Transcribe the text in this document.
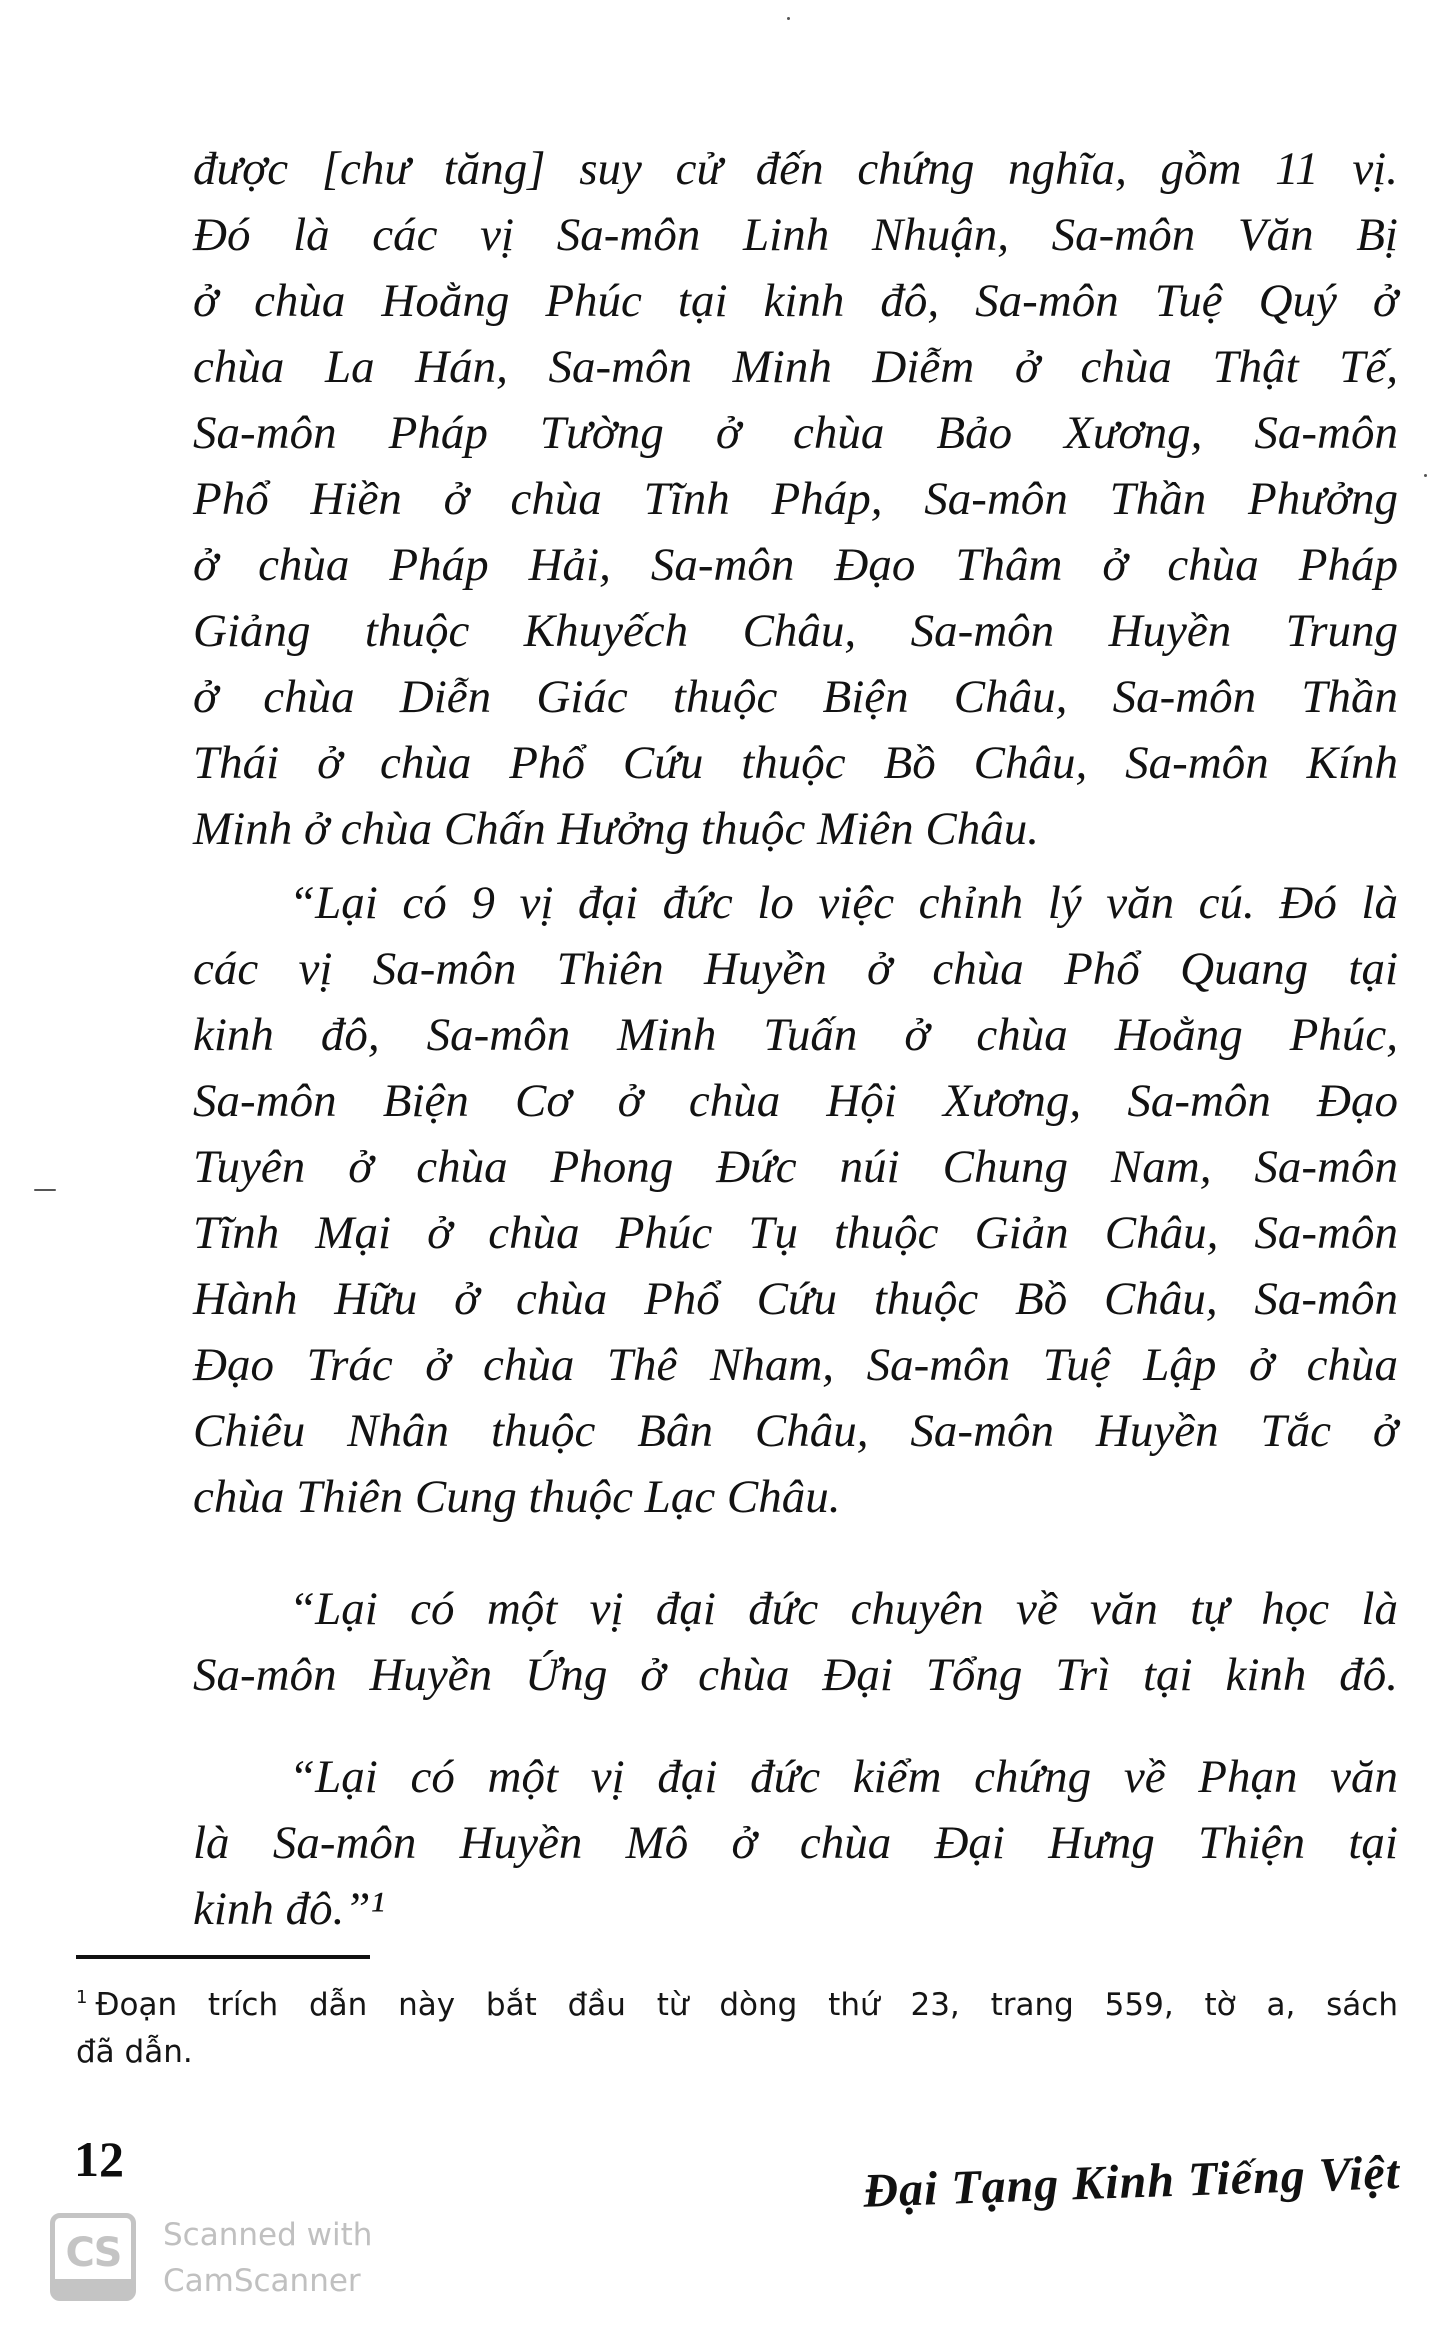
được [chư tăng] suy cử đến chứng nghĩa, gồm 11 vị.
Đó là các vị Sa-môn Linh Nhuận, Sa-môn Văn Bị
ở chùa Hoằng Phúc tại kinh đô, Sa-môn Tuệ Quý ở
chùa La Hán, Sa-môn Minh Diễm ở chùa Thật Tế,
Sa-môn Pháp Tường ở chùa Bảo Xương, Sa-môn
Phổ Hiền ở chùa Tĩnh Pháp, Sa-môn Thần Phưởng
ở chùa Pháp Hải, Sa-môn Đạo Thâm ở chùa Pháp
Giảng thuộc Khuyếch Châu, Sa-môn Huyền Trung
ở chùa Diễn Giác thuộc Biện Châu, Sa-môn Thần
Thái ở chùa Phổ Cứu thuộc Bồ Châu, Sa-môn Kính
Minh ở chùa Chấn Hưởng thuộc Miên Châu.
“Lại có 9 vị đại đức lo việc chỉnh lý văn cú. Đó là
các vị Sa-môn Thiên Huyền ở chùa Phổ Quang tại
kinh đô, Sa-môn Minh Tuấn ở chùa Hoằng Phúc,
Sa-môn Biện Cơ ở chùa Hội Xương, Sa-môn Đạo
Tuyên ở chùa Phong Đức núi Chung Nam, Sa-môn
Tĩnh Mại ở chùa Phúc Tụ thuộc Giản Châu, Sa-môn
Hành Hữu ở chùa Phổ Cứu thuộc Bồ Châu, Sa-môn
Đạo Trác ở chùa Thê Nham, Sa-môn Tuệ Lập ở chùa
Chiêu Nhân thuộc Bân Châu, Sa-môn Huyền Tắc ở
chùa Thiên Cung thuộc Lạc Châu.
“Lại có một vị đại đức chuyên về văn tự học là
Sa-môn Huyền Ứng ở chùa Đại Tổng Trì tại kinh đô.
“Lại có một vị đại đức kiểm chứng về Phạn văn
là Sa-môn Huyền Mô ở chùa Đại Hưng Thiện tại
kinh đô.”¹
$^1$ Đoạn trích dẫn này bắt đầu từ dòng thứ 23, trang 559, tờ a, sách
đã dẫn.
12	Đại Tạng Kinh Tiếng Việt
CS	Scanned with
CamScanner
